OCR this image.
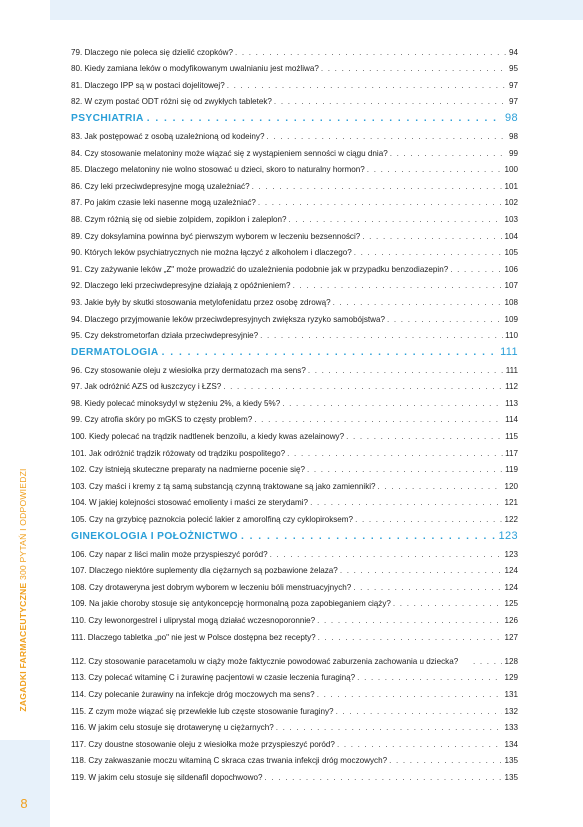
ZAGADKI FARMACEUTYCZNE 300 PYTAŃ I ODPOWIEDZI
8
79. Dlaczego nie poleca się dzielić czopków? . . .	94
80. Kiedy zamiana leków o modyfikowanym uwalnianiu jest możliwa? . . .	95
81. Dlaczego IPP są w postaci dojelitowej? . . .	97
82. W czym postać ODT różni się od zwykłych tabletek? . . .	97
PSYCHIATRIA . . .	98
83. Jak postępować z osobą uzależnioną od kodeiny? . . .	98
84. Czy stosowanie melatoniny może wiązać się z wystąpieniem senności w ciągu dnia? . . .	99
85. Dlaczego melatoniny nie wolno stosować u dzieci, skoro to naturalny hormon? . . .	100
86. Czy leki przeciwdepresyjne mogą uzależniać? . . .	101
87. Po jakim czasie leki nasenne mogą uzależniać? . . .	102
88. Czym różnią się od siebie zolpidem, zopiklon i zaleplon? . . .	103
89. Czy doksylamina powinna być pierwszym wyborem w leczeniu bezsenności? . . .	104
90. Których leków psychiatrycznych nie można łączyć z alkoholem i dlaczego? . . .	105
91. Czy zażywanie leków „Z" może prowadzić do uzależnienia podobnie jak w przypadku benzodiazepin? . . .	106
92. Dlaczego leki przeciwdepresyjne działają z opóźnieniem? . . .	107
93. Jakie były by skutki stosowania metylofenidatu przez osobę zdrową? . . .	108
94. Dlaczego przyjmowanie leków przeciwdepresyjnych zwiększa ryzyko samobójstwa? . . .	109
95. Czy dekstrometorfan działa przeciwdepresyjnie? . . .	110
DERMATOLOGIA . . .	111
96. Czy stosowanie oleju z wiesiołka przy dermatozach ma sens? . . .	111
97. Jak odróżnić AZS od łuszczycy i ŁZS? . . .	112
98. Kiedy polecać minoksydyl w stężeniu 2%, a kiedy 5%? . . .	113
99. Czy atrofia skóry po mGKS to częsty problem? . . .	114
100. Kiedy polecać na trądzik nadtlenek benzoilu, a kiedy kwas azelainowy? . . .	115
101. Jak odróżnić trądzik różowaty od trądziku pospolitego? . . .	117
102. Czy istnieją skuteczne preparaty na nadmierne pocenie się? . . .	119
103. Czy maści i kremy z tą samą substancją czynną traktowane są jako zamienniki? . . .	120
104. W jakiej kolejności stosować emolienty i maści ze sterydami? . . .	121
105. Czy na grzybicę paznokcia polecić lakier z amorolfiną czy cyklopiroksem? . . .	122
GINEKOLOGIA I POŁOŻNICTWO . . .	123
106. Czy napar z liści malin może przyspieszyć poród? . . .	123
107. Dlaczego niektóre suplementy dla ciężarnych są pozbawione żelaza? . . .	124
108. Czy drotaweryna jest dobrym wyborem w leczeniu bóli menstruacyjnych? . . .	124
109. Na jakie choroby stosuje się antykoncepcję hormonalną poza zapobieganiem ciąży? . . .	125
110. Czy lewonorgestrel i uliprystal mogą działać wczesnoporonnie? . . .	126
111. Dlaczego tabletka „po" nie jest w Polsce dostępna bez recepty? . . .	127
112. Czy stosowanie paracetamolu w ciąży może faktycznie powodować zaburzenia zachowania u dziecka? . . .	128
113. Czy polecać witaminę C i żurawinę pacjentowi w czasie leczenia furaginą? . . .	129
114. Czy polecanie żurawiny na infekcje dróg moczowych ma sens? . . .	131
115. Z czym może wiązać się przewlekłe lub częste stosowanie furaginy? . . .	132
116. W jakim celu stosuje się drotawerynę u ciężarnych? . . .	133
117. Czy doustne stosowanie oleju z wiesiołka może przyspieszyć poród? . . .	134
118. Czy zakwaszanie moczu witaminą C skraca czas trwania infekcji dróg moczowych? . . .	135
119. W jakim celu stosuje się sildenafil dopochwowo? . . .	135
